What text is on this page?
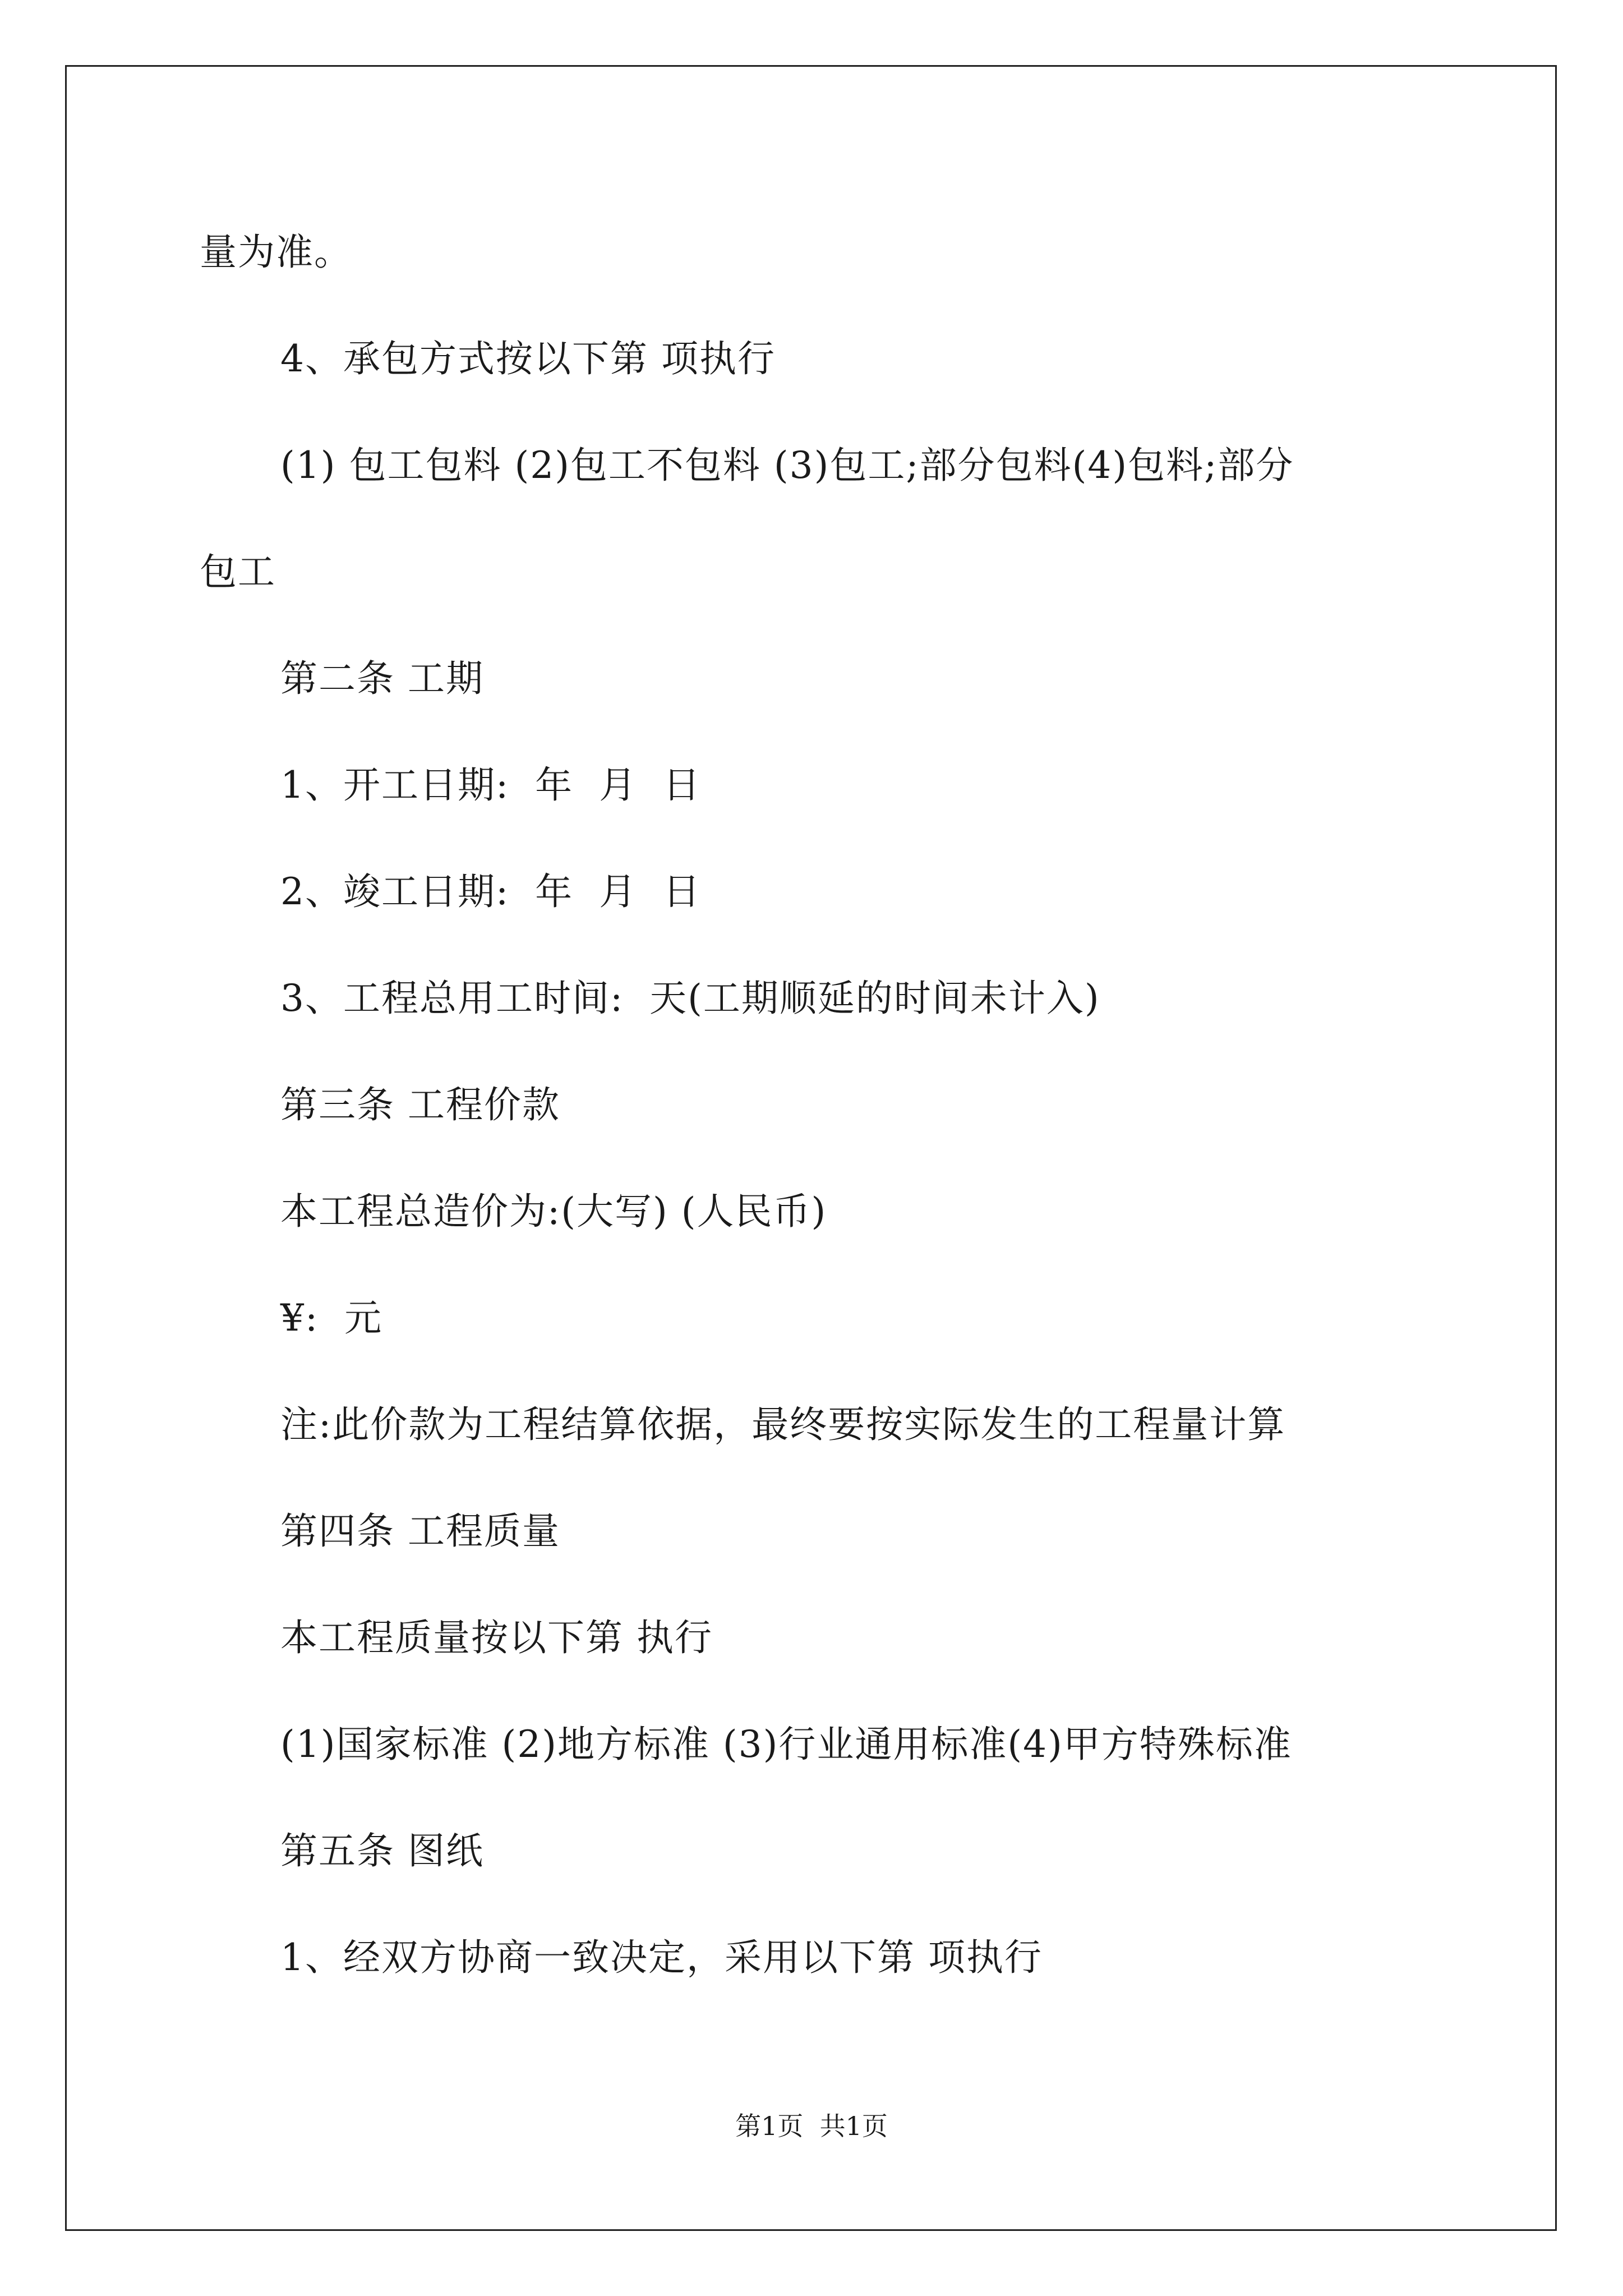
量为准。
4、承包方式按以下第 项执行
(1) 包工包料 (2)包工不包料 (3)包工;部分包料(4)包料;部分
包工
第二条 工期
1、开工日期:  年  月  日
2、竣工日期:  年  月  日
3、工程总用工时间:  天(工期顺延的时间未计入)
第三条 工程价款
本工程总造价为:(大写) (人民币)
¥:  元
注:此价款为工程结算依据，最终要按实际发生的工程量计算
第四条 工程质量
本工程质量按以下第 执行
(1)国家标准 (2)地方标准 (3)行业通用标准(4)甲方特殊标准
第五条 图纸
1、经双方协商一致决定，采用以下第 项执行
第1页  共1页
